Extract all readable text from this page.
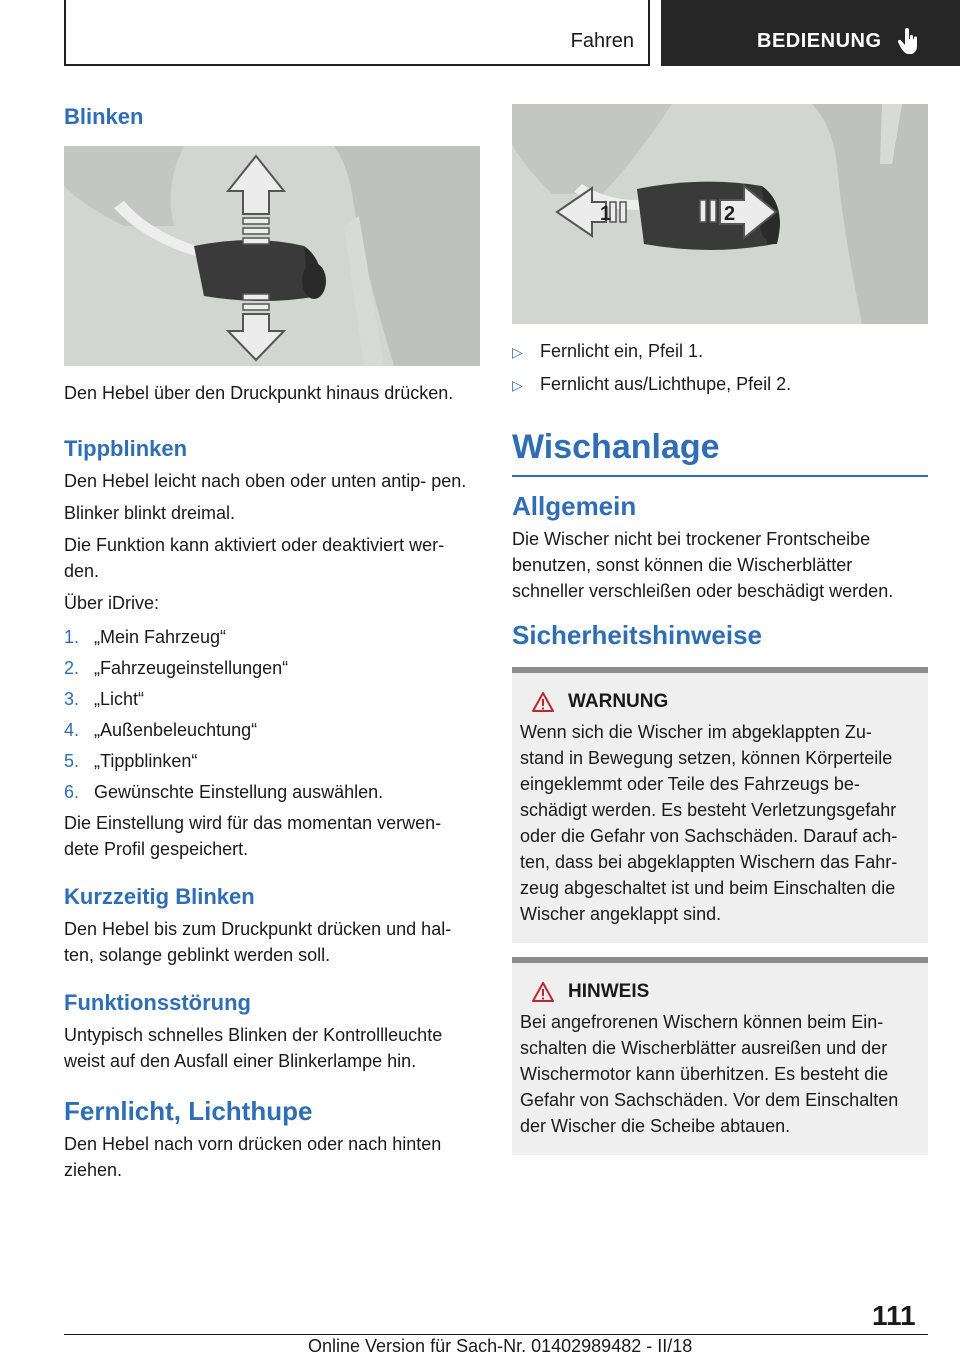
Fahren	BEDIENUNG
Blinken

Den Hebel über den Druckpunkt hinaus drücken.

Tippblinken

Den Hebel leicht nach oben oder unten antip‐ pen.

Blinker blinkt dreimal.

Die Funktion kann aktiviert oder deaktiviert wer‐ den.

Über iDrive:

1. „Mein Fahrzeug“
2. „Fahrzeugeinstellungen“
3. „Licht“
4. „Außenbeleuchtung“
5. „Tippblinken“
6. Gewünschte Einstellung auswählen.

Die Einstellung wird für das momentan verwen‐ dete Profil gespeichert.

Kurzzeitig Blinken

Den Hebel bis zum Druckpunkt drücken und hal‐ ten, solange geblinkt werden soll.

Funktionsstörung

Untypisch schnelles Blinken der Kontrollleuchte weist auf den Ausfall einer Blinkerlampe hin.

Fernlicht, Lichthupe

Den Hebel nach vorn drücken oder nach hinten ziehen.

1	2
▷ Fernlicht ein, Pfeil 1.
▷ Fernlicht aus/Lichthupe, Pfeil 2.
Wischanlage
Allgemein

Die Wischer nicht bei trockener Frontscheibe benutzen, sonst können die Wischerblätter schneller verschleißen oder beschädigt werden.

Sicherheitshinweise
WARNUNG

Wenn sich die Wischer im abgeklappten Zu‐ stand in Bewegung setzen, können Körperteile eingeklemmt oder Teile des Fahrzeugs be‐ schädigt werden. Es besteht Verletzungsgefahr oder die Gefahr von Sachschäden. Darauf ach‐ ten, dass bei abgeklappten Wischern das Fahr‐ zeug abgeschaltet ist und beim Einschalten die Wischer angeklappt sind.

HINWEIS

Bei angefrorenen Wischern können beim Ein‐ schalten die Wischerblätter ausreißen und der Wischermotor kann überhitzen. Es besteht die Gefahr von Sachschäden. Vor dem Einschalten der Wischer die Scheibe abtauen.

111
Online Version für Sach-Nr. 01402989482 - II/18
